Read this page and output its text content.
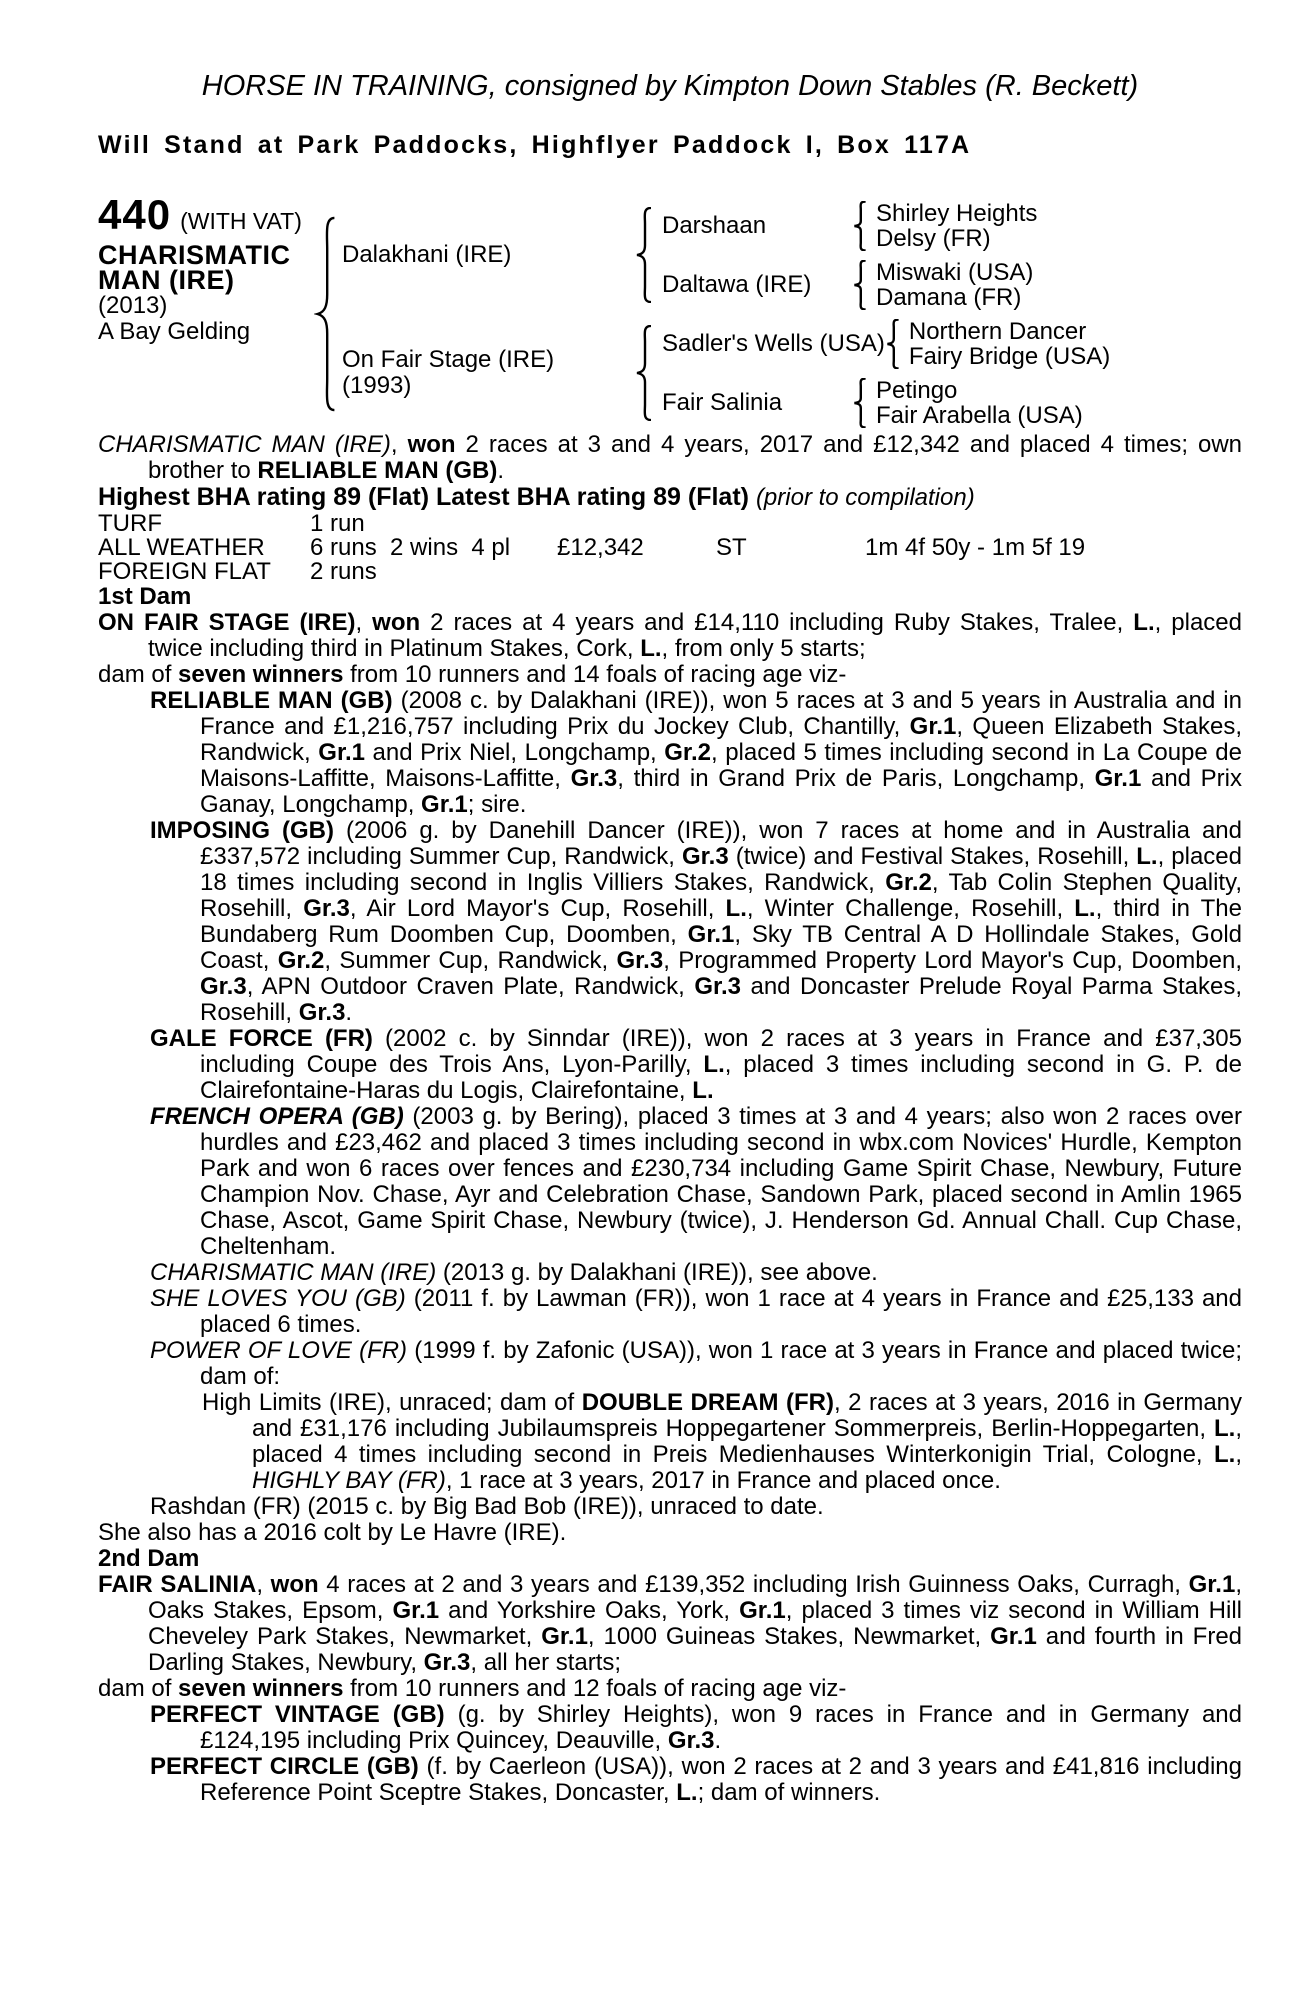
HORSE IN TRAINING, consigned by Kimpton Down Stables (R. Beckett)
Will Stand at Park Paddocks, Highflyer Paddock I, Box 117A
440 (WITH VAT)
CHARISMATIC
MAN (IRE)
(2013)
A Bay Gelding
Dalakhani (IRE)
Darshaan	Shirley Heights
Delsy (FR)
Daltawa (IRE)	Miswaki (USA)
Damana (FR)
On Fair Stage (IRE)
(1993)
Sadler's Wells (USA) Northern Dancer
Fairy Bridge (USA)
Fair Salinia	Petingo
Fair Arabella (USA)

CHARISMATIC MAN (IRE), won 2 races at 3 and 4 years, 2017 and £12,342 and placed 4 times; own brother to RELIABLE MAN (GB).

Highest BHA rating 89 (Flat) Latest BHA rating 89 (Flat) (prior to compilation)

TURF	1 run
ALL WEATHER	6 runs  2 wins  4 pl	£12,342	ST	1m 4f 50y - 1m 5f 19
FOREIGN FLAT	2 runs

1st Dam

ON FAIR STAGE (IRE), won 2 races at 4 years and £14,110 including Ruby Stakes, Tralee, L., placed twice including third in Platinum Stakes, Cork, L., from only 5 starts;

dam of seven winners from 10 runners and 14 foals of racing age viz-

RELIABLE MAN (GB) (2008 c. by Dalakhani (IRE)), won 5 races at 3 and 5 years in Australia and in France and £1,216,757 including Prix du Jockey Club, Chantilly, Gr.1, Queen Elizabeth Stakes, Randwick, Gr.1 and Prix Niel, Longchamp, Gr.2, placed 5 times including second in La Coupe de Maisons-Laffitte, Maisons-Laffitte, Gr.3, third in Grand Prix de Paris, Longchamp, Gr.1 and Prix Ganay, Longchamp, Gr.1; sire.

IMPOSING (GB) (2006 g. by Danehill Dancer (IRE)), won 7 races at home and in Australia and £337,572 including Summer Cup, Randwick, Gr.3 (twice) and Festival Stakes, Rosehill, L., placed 18 times including second in Inglis Villiers Stakes, Randwick, Gr.2, Tab Colin Stephen Quality, Rosehill, Gr.3, Air Lord Mayor's Cup, Rosehill, L., Winter Challenge, Rosehill, L., third in The Bundaberg Rum Doomben Cup, Doomben, Gr.1, Sky TB Central A D Hollindale Stakes, Gold Coast, Gr.2, Summer Cup, Randwick, Gr.3, Programmed Property Lord Mayor's Cup, Doomben, Gr.3, APN Outdoor Craven Plate, Randwick, Gr.3 and Doncaster Prelude Royal Parma Stakes, Rosehill, Gr.3.

GALE FORCE (FR) (2002 c. by Sinndar (IRE)), won 2 races at 3 years in France and £37,305 including Coupe des Trois Ans, Lyon-Parilly, L., placed 3 times including second in G. P. de Clairefontaine-Haras du Logis, Clairefontaine, L.

FRENCH OPERA (GB) (2003 g. by Bering), placed 3 times at 3 and 4 years; also won 2 races over hurdles and £23,462 and placed 3 times including second in wbx.com Novices' Hurdle, Kempton Park and won 6 races over fences and £230,734 including Game Spirit Chase, Newbury, Future Champion Nov. Chase, Ayr and Celebration Chase, Sandown Park, placed second in Amlin 1965 Chase, Ascot, Game Spirit Chase, Newbury (twice), J. Henderson Gd. Annual Chall. Cup Chase, Cheltenham.

CHARISMATIC MAN (IRE) (2013 g. by Dalakhani (IRE)), see above.

SHE LOVES YOU (GB) (2011 f. by Lawman (FR)), won 1 race at 4 years in France and £25,133 and placed 6 times.

POWER OF LOVE (FR) (1999 f. by Zafonic (USA)), won 1 race at 3 years in France and placed twice; dam of:

High Limits (IRE), unraced; dam of DOUBLE DREAM (FR), 2 races at 3 years, 2016 in Germany and £31,176 including Jubilaumspreis Hoppegartener Sommerpreis, Berlin-Hoppegarten, L., placed 4 times including second in Preis Medienhauses Winterkonigin Trial, Cologne, L., HIGHLY BAY (FR), 1 race at 3 years, 2017 in France and placed once.

Rashdan (FR) (2015 c. by Big Bad Bob (IRE)), unraced to date.

She also has a 2016 colt by Le Havre (IRE).

2nd Dam

FAIR SALINIA, won 4 races at 2 and 3 years and £139,352 including Irish Guinness Oaks, Curragh, Gr.1, Oaks Stakes, Epsom, Gr.1 and Yorkshire Oaks, York, Gr.1, placed 3 times viz second in William Hill Cheveley Park Stakes, Newmarket, Gr.1, 1000 Guineas Stakes, Newmarket, Gr.1 and fourth in Fred Darling Stakes, Newbury, Gr.3, all her starts;

dam of seven winners from 10 runners and 12 foals of racing age viz-

PERFECT VINTAGE (GB) (g. by Shirley Heights), won 9 races in France and in Germany and £124,195 including Prix Quincey, Deauville, Gr.3.

PERFECT CIRCLE (GB) (f. by Caerleon (USA)), won 2 races at 2 and 3 years and £41,816 including Reference Point Sceptre Stakes, Doncaster, L.; dam of winners.
